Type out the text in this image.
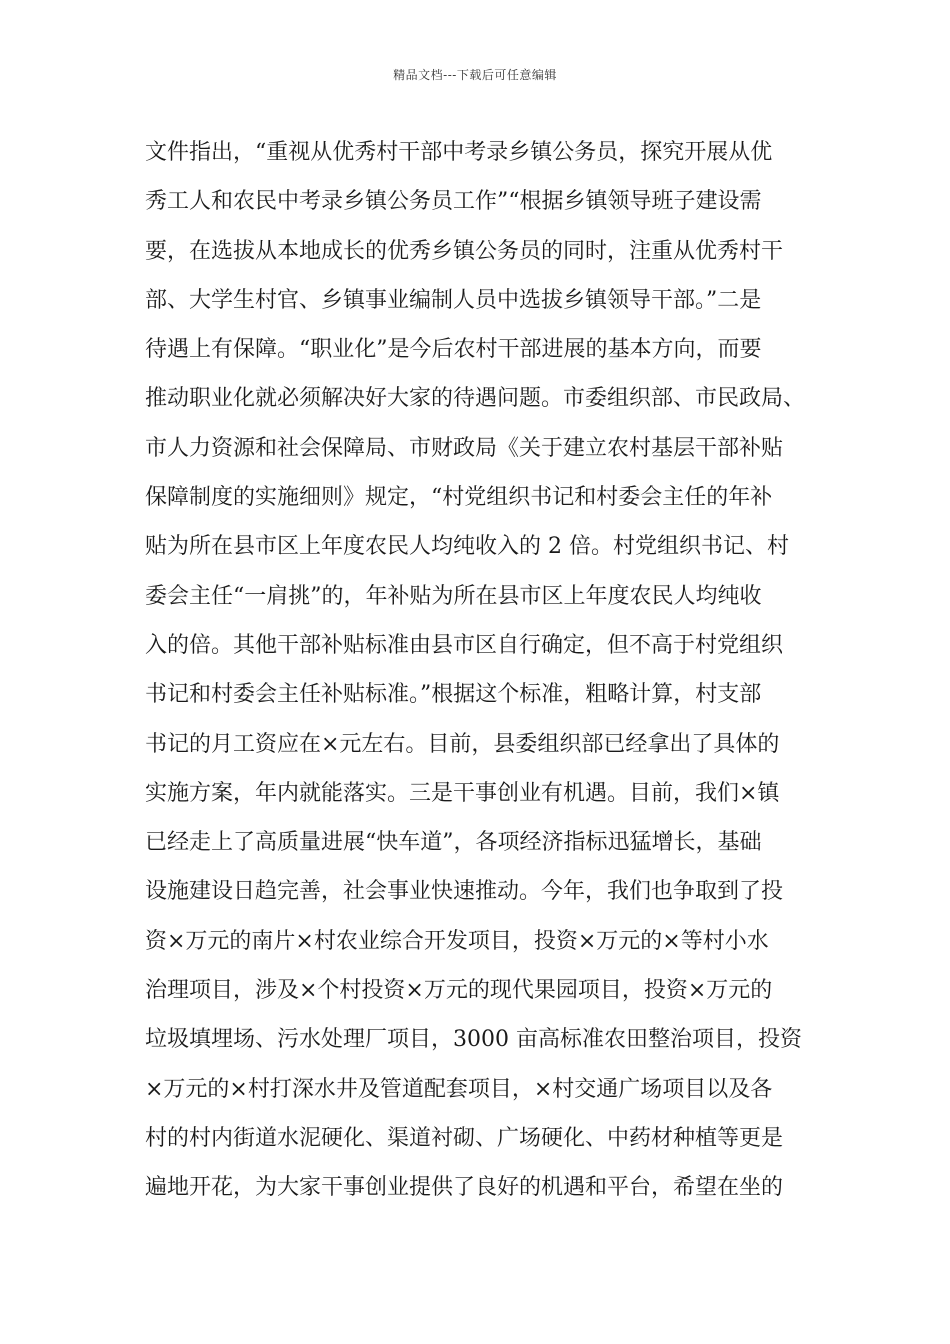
精品文档---下载后可任意编辑
文件指出，“重视从优秀村干部中考录乡镇公务员，探究开展从优
秀工人和农民中考录乡镇公务员工作”“根据乡镇领导班子建设需
要，在选拔从本地成长的优秀乡镇公务员的同时，注重从优秀村干
部、大学生村官、乡镇事业编制人员中选拔乡镇领导干部。”二是
待遇上有保障。“职业化”是今后农村干部进展的基本方向，而要
推动职业化就必须解决好大家的待遇问题。市委组织部、市民政局、
市人力资源和社会保障局、市财政局《关于建立农村基层干部补贴
保障制度的实施细则》规定，“村党组织书记和村委会主任的年补
贴为所在县市区上年度农民人均纯收入的 2 倍。村党组织书记、村
委会主任“一肩挑”的，年补贴为所在县市区上年度农民人均纯收
入的倍。其他干部补贴标准由县市区自行确定，但不高于村党组织
书记和村委会主任补贴标准。”根据这个标准，粗略计算，村支部
书记的月工资应在×元左右。目前，县委组织部已经拿出了具体的
实施方案，年内就能落实。三是干事创业有机遇。目前，我们×镇
已经走上了高质量进展“快车道”，各项经济指标迅猛增长，基础
设施建设日趋完善，社会事业快速推动。今年，我们也争取到了投
资×万元的南片×村农业综合开发项目，投资×万元的×等村小水
治理项目，涉及×个村投资×万元的现代果园项目，投资×万元的
垃圾填埋场、污水处理厂项目，3000 亩高标准农田整治项目，投资
×万元的×村打深水井及管道配套项目，×村交通广场项目以及各
村的村内街道水泥硬化、渠道衬砌、广场硬化、中药材种植等更是
遍地开花，为大家干事创业提供了良好的机遇和平台，希望在坐的
